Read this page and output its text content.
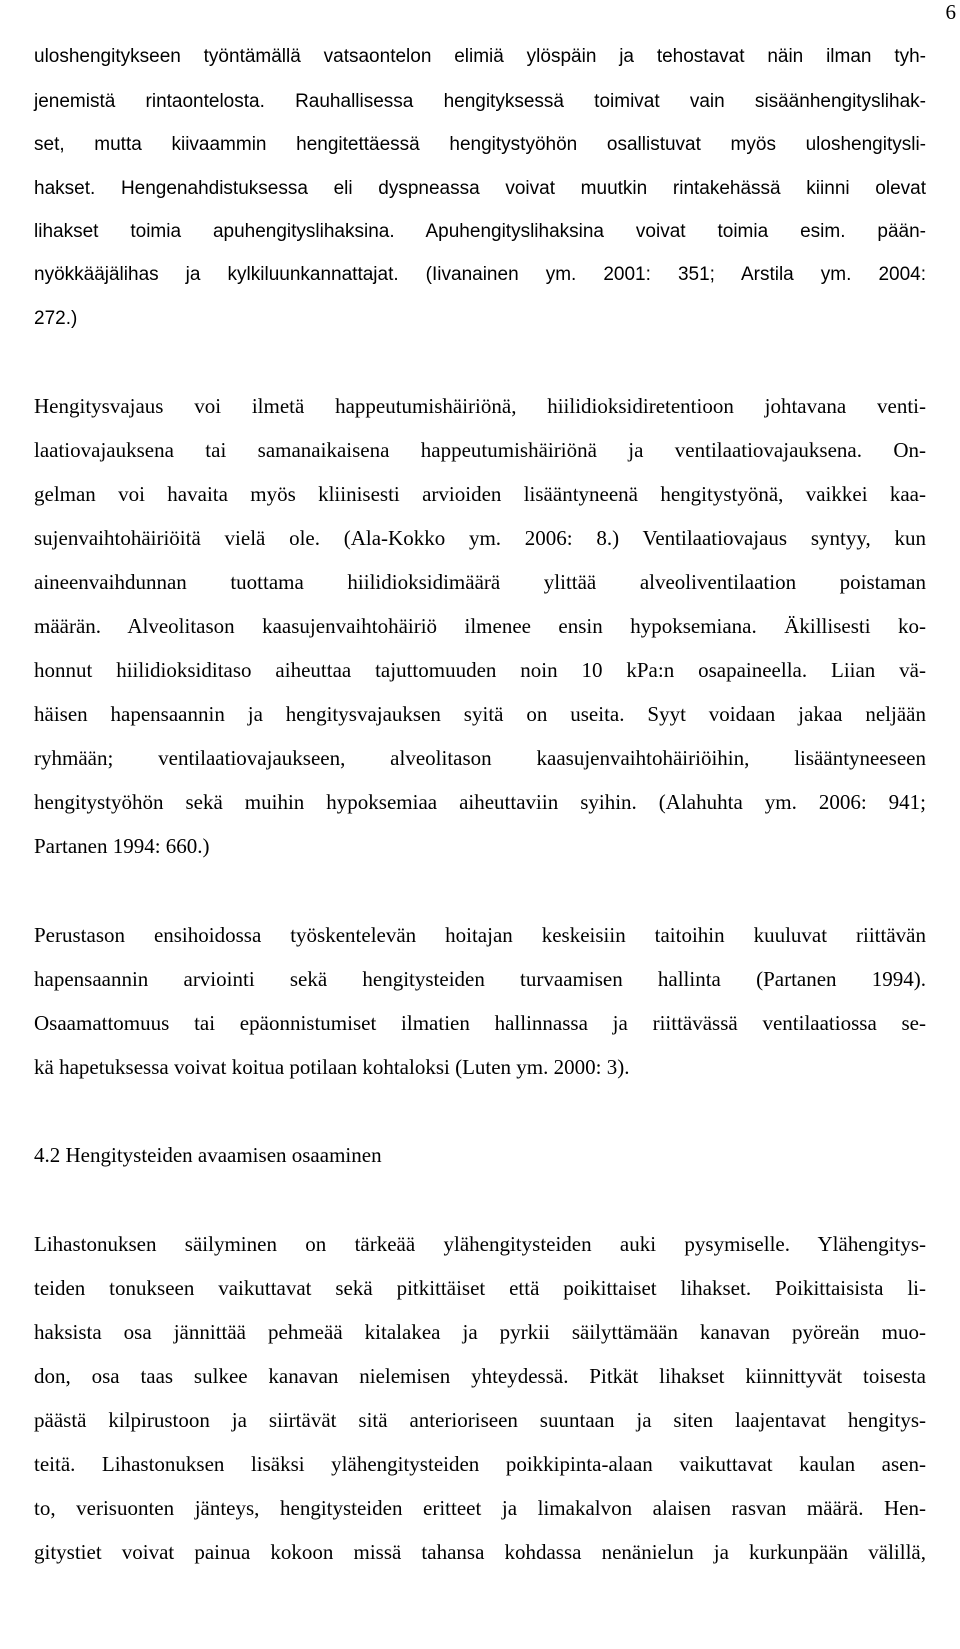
6
uloshengitykseen työntämällä vatsaontelon elimiä ylöspäin ja tehostavat näin ilman tyh-
jenemistä rintaontelosta. Rauhallisessa hengityksessä toimivat vain sisäänhengityslihak-
set, mutta kiivaammin hengitettäessä hengitystyöhön osallistuvat myös uloshengitysli-
hakset. Hengenahdistuksessa eli dyspneassa voivat muutkin rintakehässä kiinni olevat
lihakset toimia apuhengityslihaksina. Apuhengityslihaksina voivat toimia esim. pään-
nyökkääjälihas ja kylkiluunkannattajat. (Iivanainen ym. 2001: 351; Arstila ym. 2004:
272.)
Hengitysvajaus voi ilmetä happeutumishäiriönä, hiilidioksidiretentioon johtavana venti-
laatiovajauksena tai samanaikaisena happeutumishäiriönä ja ventilaatiovajauksena. On-
gelman voi havaita myös kliinisesti arvioiden lisääntyneenä hengitystyönä, vaikkei kaa-
sujenvaihtohäiriöitä vielä ole. (Ala-Kokko ym. 2006: 8.) Ventilaatiovajaus syntyy, kun
aineenvaihdunnan tuottama hiilidioksidimäärä ylittää alveoliventilaation poistaman
määrän. Alveolitason kaasujenvaihtohäiriö ilmenee ensin hypoksemiana. Äkillisesti ko-
honnut hiilidioksiditaso aiheuttaa tajuttomuuden noin 10 kPa:n osapaineella. Liian vä-
häisen hapensaannin ja hengitysvajauksen syitä on useita. Syyt voidaan jakaa neljään
ryhmään; ventilaatiovajaukseen, alveolitason kaasujenvaihtohäiriöihin, lisääntyneeseen
hengitystyöhön sekä muihin hypoksemiaa aiheuttaviin syihin. (Alahuhta ym. 2006: 941;
Partanen 1994: 660.)
Perustason ensihoidossa työskentelevän hoitajan keskeisiin taitoihin kuuluvat riittävän
hapensaannin arviointi sekä hengitysteiden turvaamisen hallinta (Partanen 1994).
Osaamattomuus tai epäonnistumiset ilmatien hallinnassa ja riittävässä ventilaatiossa se-
kä hapetuksessa voivat koitua potilaan kohtaloksi (Luten ym. 2000: 3).
4.2 Hengitysteiden avaamisen osaaminen
Lihastonuksen säilyminen on tärkeää ylähengitysteiden auki pysymiselle. Ylähengitys-
teiden tonukseen vaikuttavat sekä pitkittäiset että poikittaiset lihakset. Poikittaisista li-
haksista osa jännittää pehmeää kitalakea ja pyrkii säilyttämään kanavan pyöreän muo-
don, osa taas sulkee kanavan nielemisen yhteydessä. Pitkät lihakset kiinnittyvät toisesta
päästä kilpirustoon ja siirtävät sitä anterioriseen suuntaan ja siten laajentavat hengitys-
teitä. Lihastonuksen lisäksi ylähengitysteiden poikkipinta-alaan vaikuttavat kaulan asen-
to, verisuonten jänteys, hengitysteiden eritteet ja limakalvon alaisen rasvan määrä. Hen-
gitystiet voivat painua kokoon missä tahansa kohdassa nenänielun ja kurkunpään välillä,
